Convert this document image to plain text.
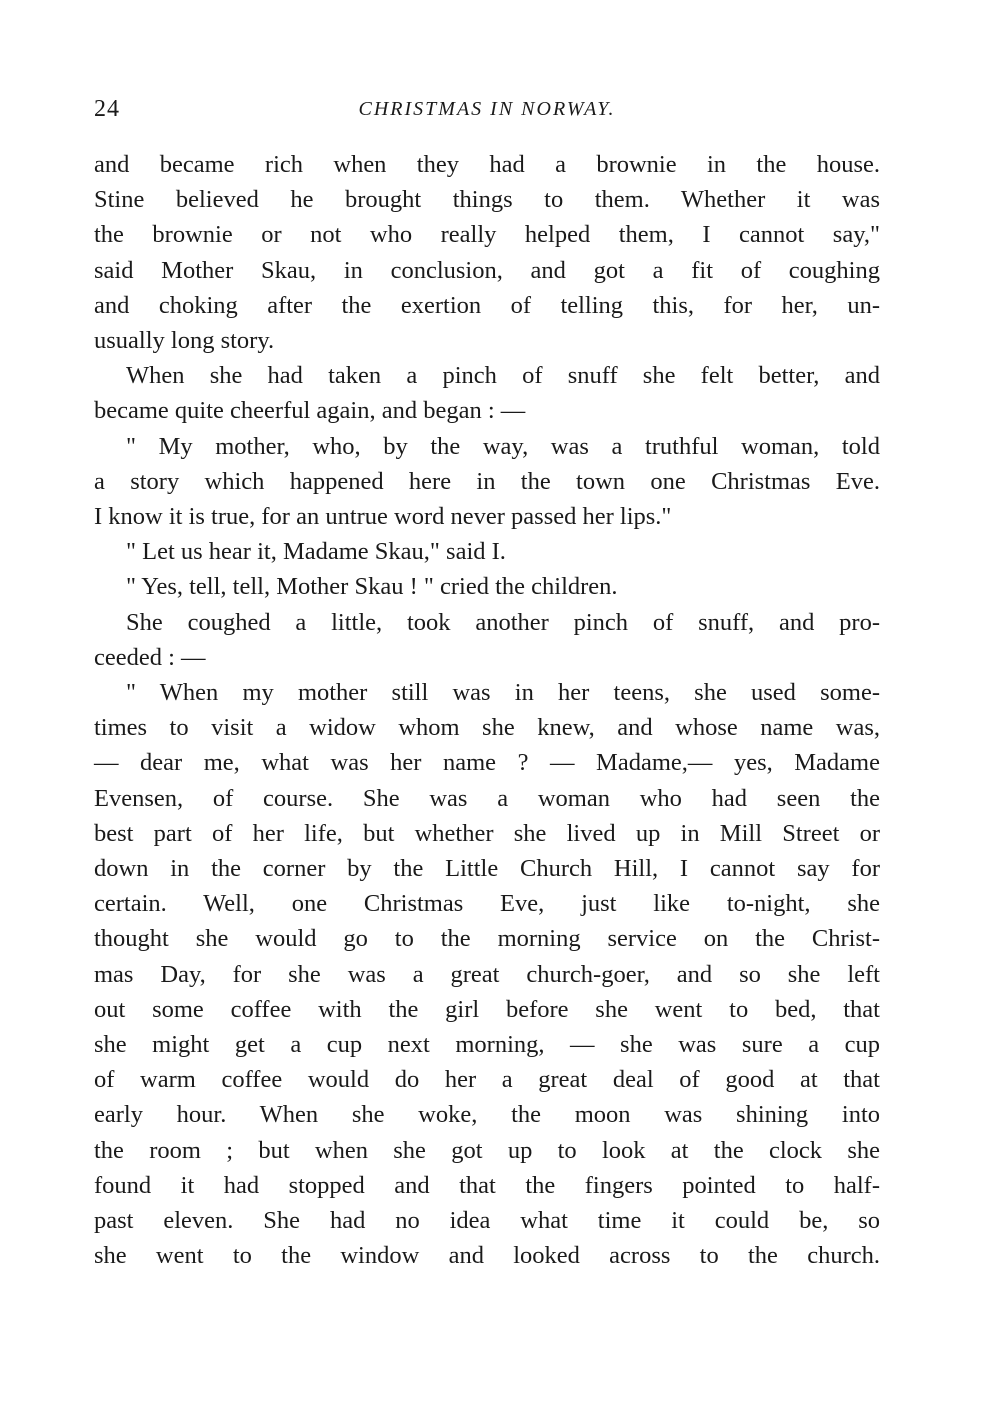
24	CHRISTMAS IN NORWAY.
and became rich when they had a brownie in the house.
Stine believed he brought things to them. Whether it was
the brownie or not who really helped them, I cannot say,"
said Mother Skau, in conclusion, and got a fit of coughing
and choking after the exertion of telling this, for her, un-
usually long story.
When she had taken a pinch of snuff she felt better, and
became quite cheerful again, and began : —
" My mother, who, by the way, was a truthful woman, told
a story which happened here in the town one Christmas Eve.
I know it is true, for an untrue word never passed her lips."
" Let us hear it, Madame Skau," said I.
" Yes, tell, tell, Mother Skau ! " cried the children.
She coughed a little, took another pinch of snuff, and pro-
ceeded : —
" When my mother still was in her teens, she used some-
times to visit a widow whom she knew, and whose name was,
— dear me, what was her name ? — Madame,— yes, Madame
Evensen, of course. She was a woman who had seen the
best part of her life, but whether she lived up in Mill Street or
down in the corner by the Little Church Hill, I cannot say for
certain. Well, one Christmas Eve, just like to-night, she
thought she would go to the morning service on the Christ-
mas Day, for she was a great church-goer, and so she left
out some coffee with the girl before she went to bed, that
she might get a cup next morning, — she was sure a cup
of warm coffee would do her a great deal of good at that
early hour. When she woke, the moon was shining into
the room ; but when she got up to look at the clock she
found it had stopped and that the fingers pointed to half-
past eleven. She had no idea what time it could be, so
she went to the window and looked across to the church.
